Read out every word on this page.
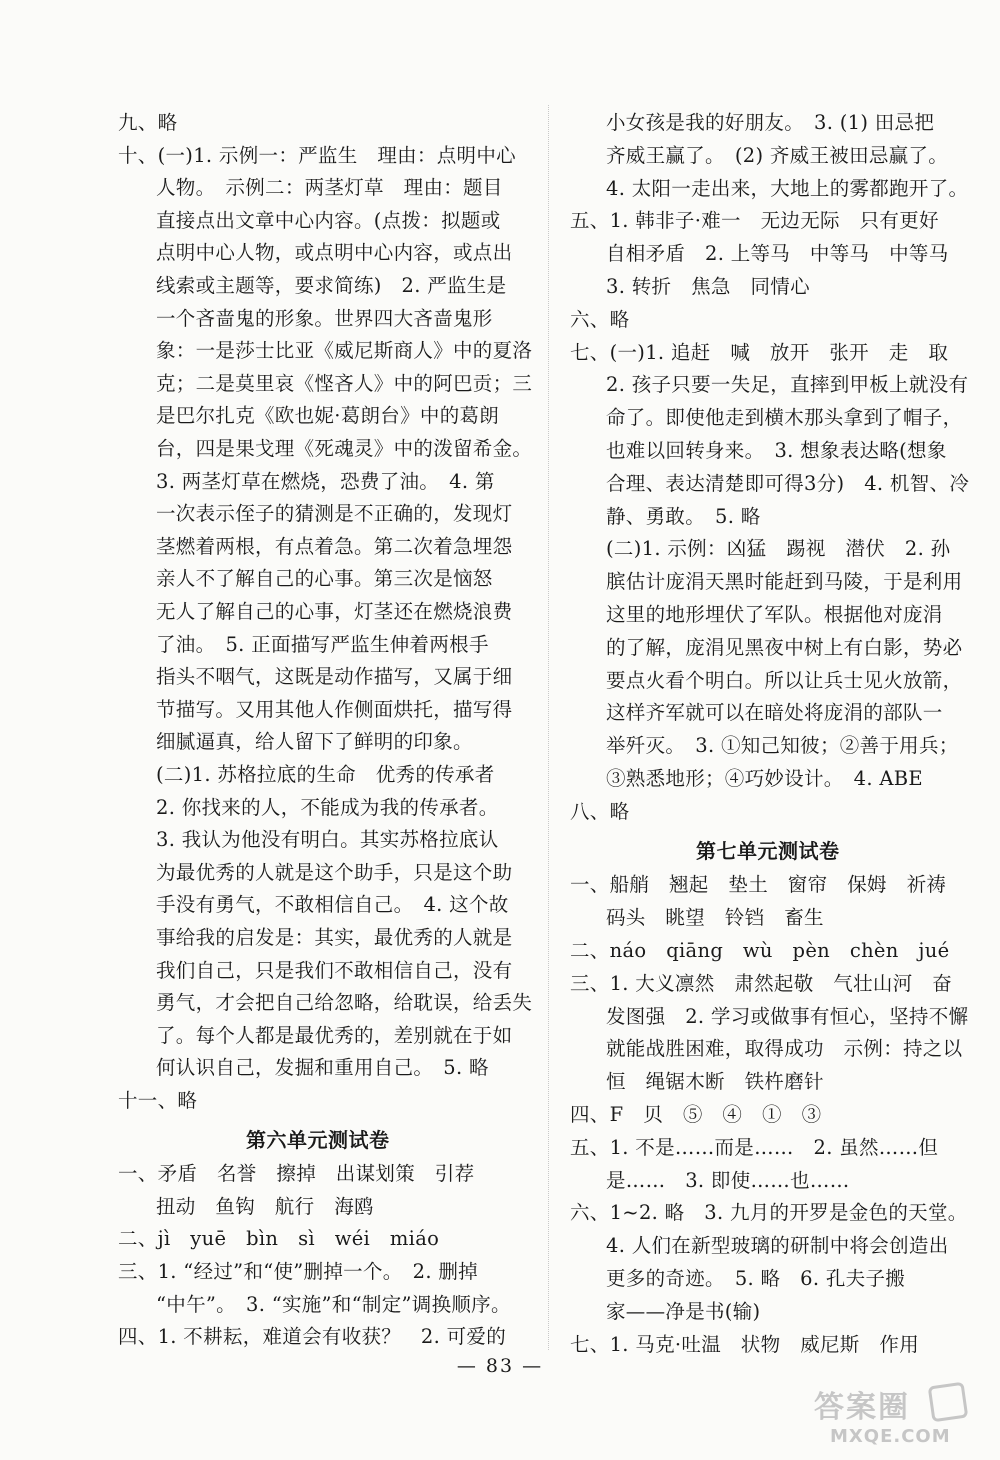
九、略
十、(一)1. 示例一：严监生　理由：点明中心
人物。　示例二：两茎灯草　理由：题目
直接点出文章中心内容。(点拨：拟题或
点明中心人物，或点明中心内容，或点出
线索或主题等，要求简练)　2. 严监生是
一个吝啬鬼的形象。世界四大吝啬鬼形
象：一是莎士比亚《威尼斯商人》中的夏洛
克；二是莫里哀《悭吝人》中的阿巴贡；三
是巴尔扎克《欧也妮·葛朗台》中的葛朗
台，四是果戈理《死魂灵》中的泼留希金。
3. 两茎灯草在燃烧，恐费了油。　4. 第
一次表示侄子的猜测是不正确的，发现灯
茎燃着两根，有点着急。第二次着急埋怨
亲人不了解自己的心事。第三次是恼怒
无人了解自己的心事，灯茎还在燃烧浪费
了油。　5. 正面描写严监生伸着两根手
指头不咽气，这既是动作描写，又属于细
节描写。又用其他人作侧面烘托，描写得
细腻逼真，给人留下了鲜明的印象。
(二)1. 苏格拉底的生命　优秀的传承者
2. 你找来的人，不能成为我的传承者。
3. 我认为他没有明白。其实苏格拉底认
为最优秀的人就是这个助手，只是这个助
手没有勇气，不敢相信自己。　4. 这个故
事给我的启发是：其实，最优秀的人就是
我们自己，只是我们不敢相信自己，没有
勇气，才会把自己给忽略，给耽误，给丢失
了。每个人都是最优秀的，差别就在于如
何认识自己，发掘和重用自己。　5. 略
十一、略
第六单元测试卷
一、矛盾　名誉　擦掉　出谋划策　引荐
扭动　鱼钩　航行　海鸥
二、jì　yuē　bìn　sì　wéi　miáo
三、1. “经过”和“使”删掉一个。　2. 删掉
“中午”。　3. “实施”和“制定”调换顺序。
四、1. 不耕耘，难道会有收获？　2. 可爱的
小女孩是我的好朋友。　3. (1) 田忌把
齐威王赢了。　(2) 齐威王被田忌赢了。
4. 太阳一走出来，大地上的雾都跑开了。
五、1. 韩非子·难一　无边无际　只有更好
自相矛盾　2. 上等马　中等马　中等马
3. 转折　焦急　同情心
六、略
七、(一)1. 追赶　喊　放开　张开　走　取
2. 孩子只要一失足，直摔到甲板上就没有
命了。即使他走到横木那头拿到了帽子，
也难以回转身来。　3. 想象表达略(想象
合理、表达清楚即可得3分)　4. 机智、冷
静、勇敢。　5. 略
(二)1. 示例：凶猛　踢视　潜伏　2. 孙
膑估计庞涓天黑时能赶到马陵，于是利用
这里的地形埋伏了军队。根据他对庞涓
的了解，庞涓见黑夜中树上有白影，势必
要点火看个明白。所以让兵士见火放箭，
这样齐军就可以在暗处将庞涓的部队一
举歼灭。　3. ①知己知彼；②善于用兵；
③熟悉地形；④巧妙设计。　4. ABE
八、略
第七单元测试卷
一、船艄　翘起　垫土　窗帘　保姆　祈祷
码头　眺望　铃铛　畜生
二、náo　qiāng　wù　pèn　chèn　jué
三、1. 大义凛然　肃然起敬　气壮山河　奋
发图强　2. 学习或做事有恒心，坚持不懈
就能战胜困难，取得成功　示例：持之以
恒　绳锯木断　铁杵磨针
四、F　贝　⑤　④　①　③
五、1. 不是……而是……　2. 虽然……但
是……　3. 即使……也……
六、1~2. 略　3. 九月的开罗是金色的天堂。
4. 人们在新型玻璃的研制中将会创造出
更多的奇迹。　5. 略　6. 孔夫子搬
家——净是书(输)
七、1. 马克·吐温　状物　威尼斯　作用
— 83 —
答案圈
MXQE.COM
